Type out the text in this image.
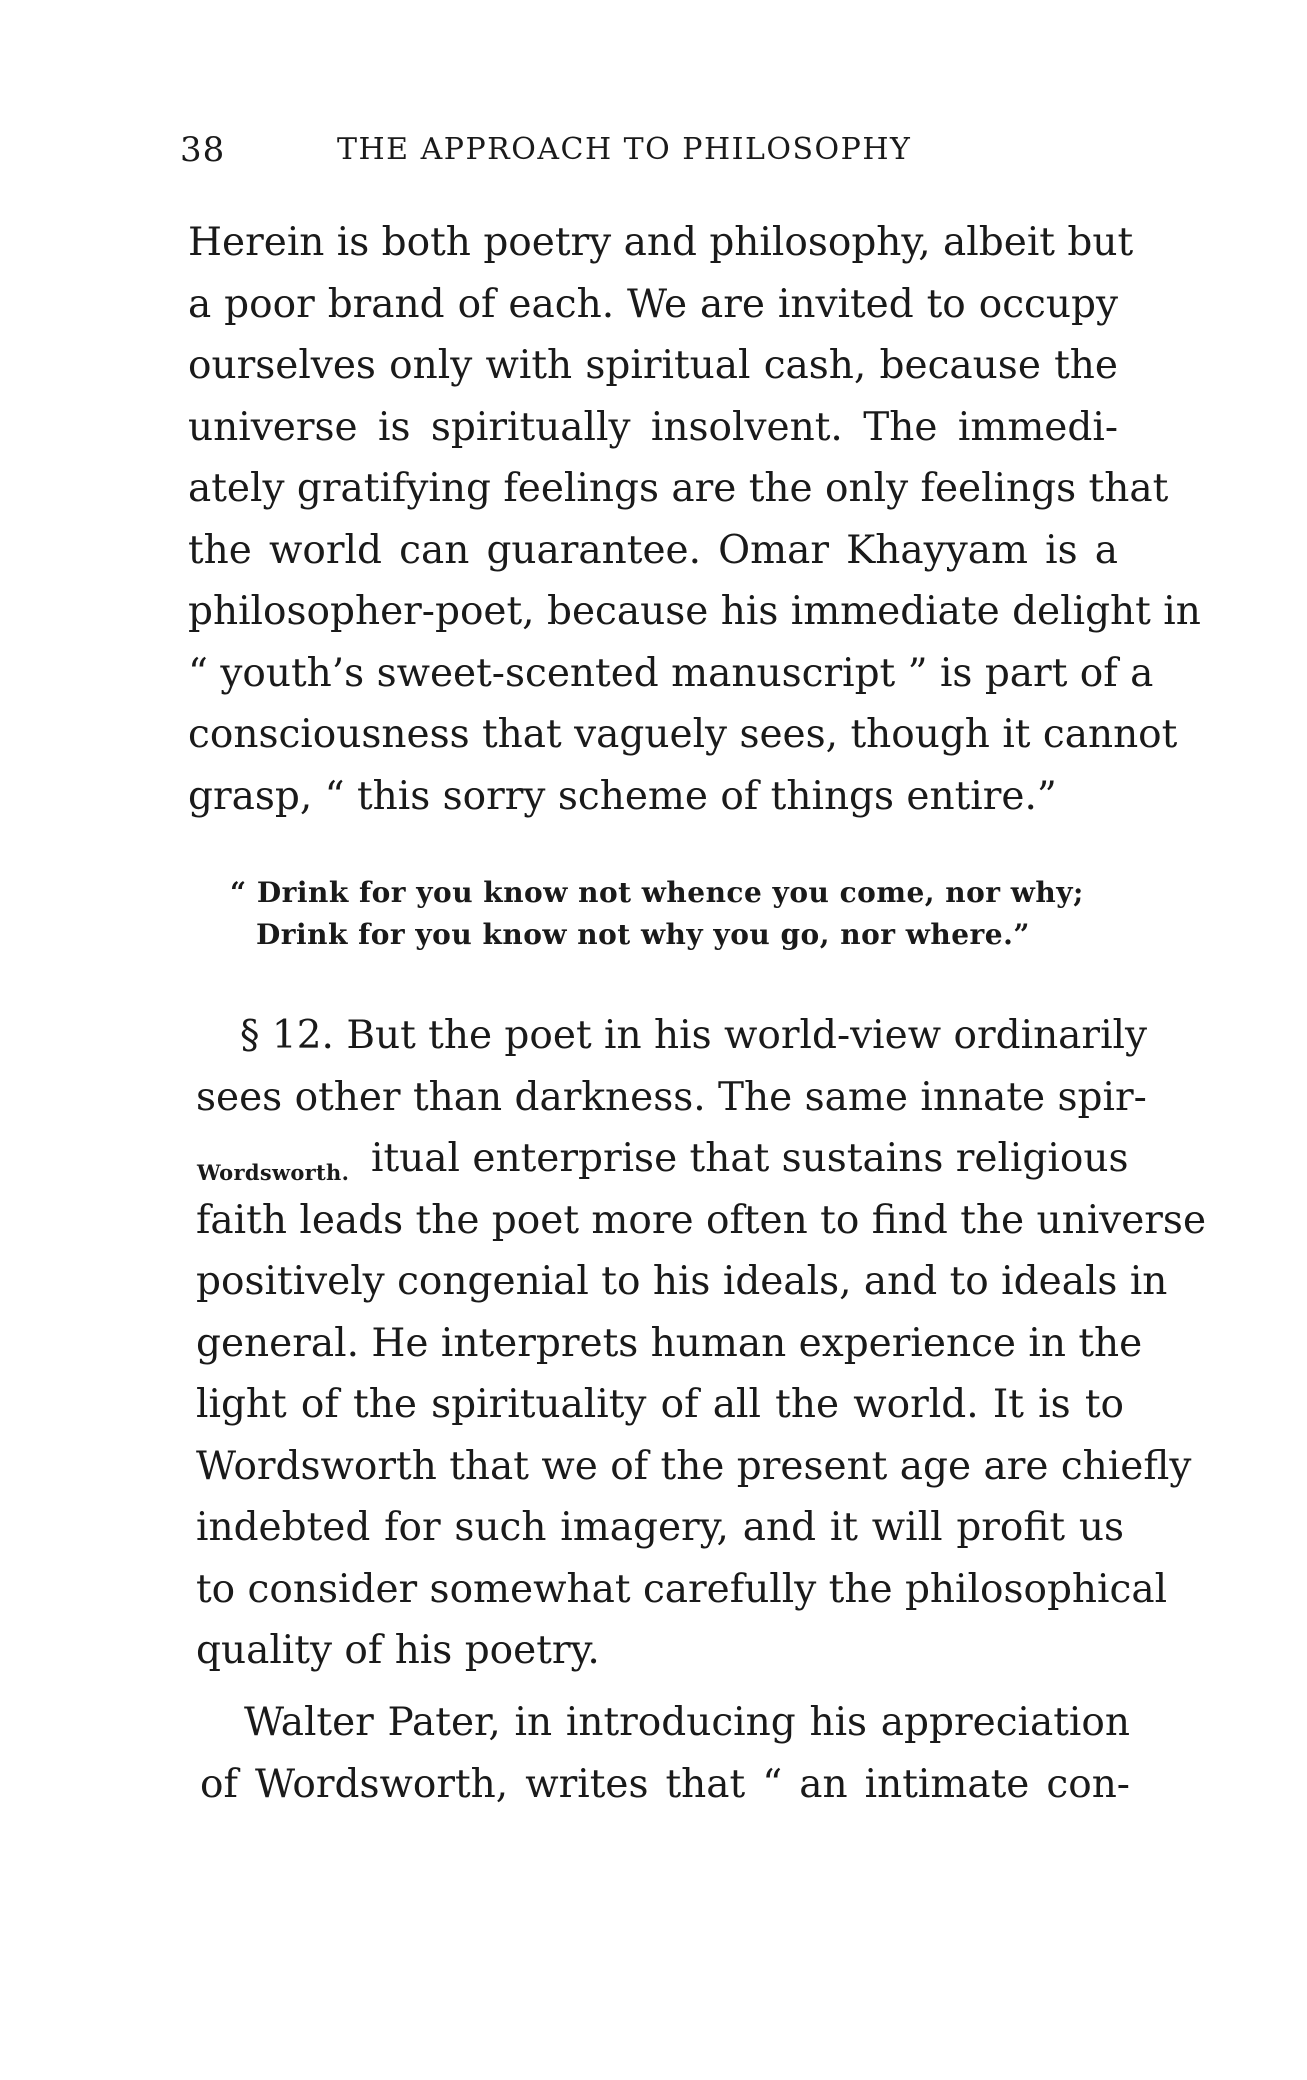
38	THE APPROACH TO PHILOSOPHY
Herein is both poetry and philosophy, albeit but
a poor brand of each. We are invited to occupy
ourselves only with spiritual cash, because the
universe is spiritually insolvent. The immedi-
ately gratifying feelings are the only feelings that
the world can guarantee. Omar Khayyam is a
philosopher-poet, because his immediate delight in
“ youth’s sweet-scented manuscript ” is part of a
consciousness that vaguely sees, though it cannot
grasp, “ this sorry scheme of things entire.”
“ Drink for you know not whence you come, nor why;
Drink for you know not why you go, nor where.”
Wordsworth.
§ 12. But the poet in his world-view ordinarily
sees other than darkness. The same innate spir-
itual enterprise that sustains religious
faith leads the poet more often to find the universe
positively congenial to his ideals, and to ideals in
general. He interprets human experience in the
light of the spirituality of all the world. It is to
Wordsworth that we of the present age are chiefly
indebted for such imagery, and it will profit us
to consider somewhat carefully the philosophical
quality of his poetry.
Walter Pater, in introducing his appreciation
of Wordsworth, writes that “ an intimate con-
